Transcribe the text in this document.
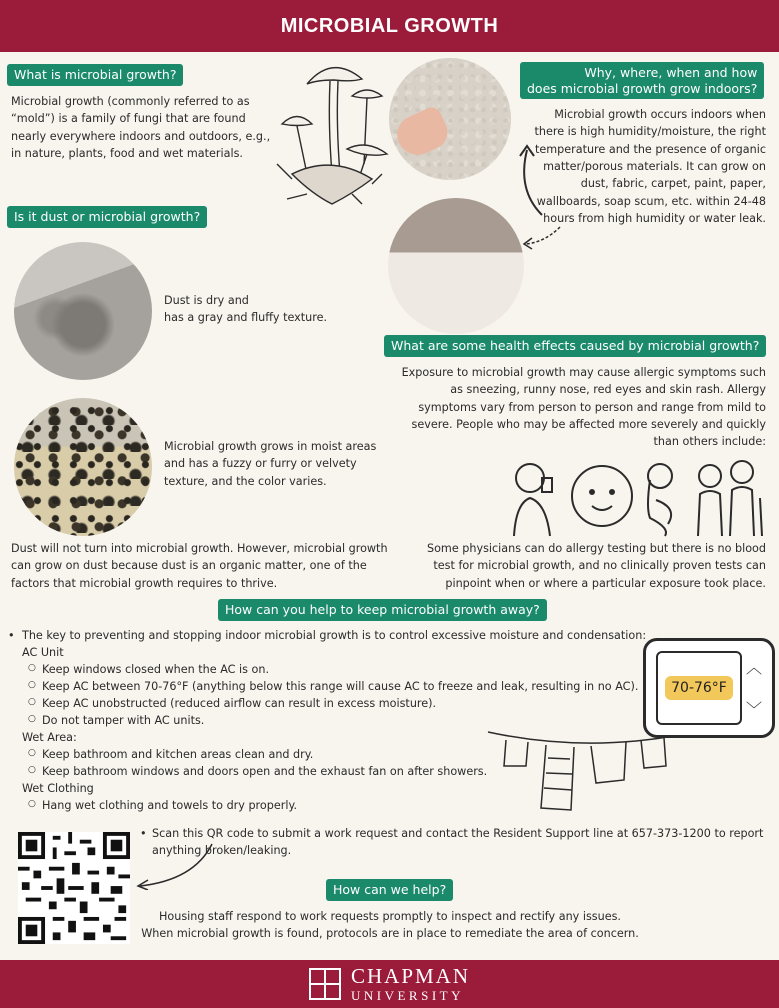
MICROBIAL GROWTH
What is microbial growth?
Microbial growth (commonly referred to as “mold”) is a family of fungi that are found nearly everywhere indoors and outdoors, e.g., in nature, plants, food and wet materials.
Why, where, when and how
does microbial growth grow indoors?
Microbial growth occurs indoors when there is high humidity/moisture, the right temperature and the presence of organic matter/porous materials. It can grow on dust, fabric, carpet, paint, paper, wallboards, soap scum, etc. within 24-48 hours from high humidity or water leak.
Is it dust or microbial growth?
Dust is dry and
has a gray and fluffy texture.
Microbial growth grows in moist areas and has a fuzzy or furry or velvety texture, and the color varies.
Dust will not turn into microbial growth. However, microbial growth can grow on dust because dust is an organic matter, one of the factors that microbial growth requires to thrive.
What are some health effects caused by microbial growth?
Exposure to microbial growth may cause allergic symptoms such as sneezing, runny nose, red eyes and skin rash. Allergy symptoms vary from person to person and range from mild to severe. People who may be affected more severely and quickly than others include:
Some physicians can do allergy testing but there is no blood test for microbial growth, and no clinically proven tests can pinpoint when or where a particular exposure took place.
How can you help to keep microbial growth away?
• The key to preventing and stopping indoor microbial growth is to control excessive moisture and condensation:
AC Unit
○ Keep windows closed when the AC is on.
○ Keep AC between 70-76°F (anything below this range will cause AC to freeze and leak, resulting in no AC).
○ Keep AC unobstructed (reduced airflow can result in excess moisture).
○ Do not tamper with AC units.
Wet Area:
○ Keep bathroom and kitchen areas clean and dry.
○ Keep bathroom windows and doors open and the exhaust fan on after showers.
Wet Clothing
○ Hang wet clothing and towels to dry properly.
70-76°F
︿
﹀
• Scan this QR code to submit a work request and contact the Resident Support line at 657-373-1200 to report anything broken/leaking.
How can we help?
Housing staff respond to work requests promptly to inspect and rectify any issues.
When microbial growth is found, protocols are in place to remediate the area of concern.
CHAPMAN
UNIVERSITY
